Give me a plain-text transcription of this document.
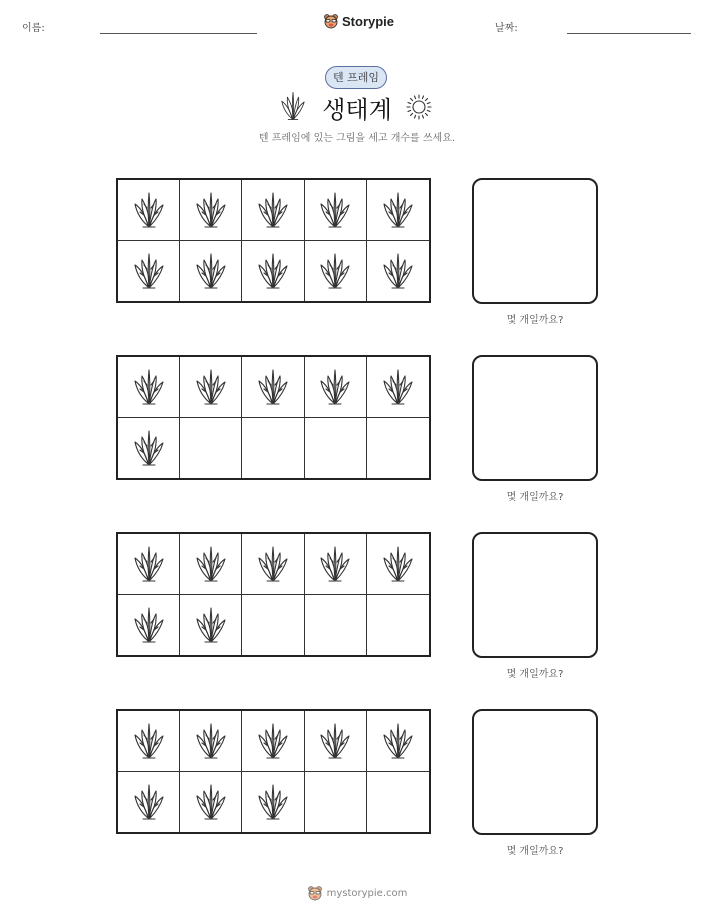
이름:	Storypie	날짜:
텐 프레임
생태계
텐 프레임에 있는 그림을 세고 개수를 쓰세요.
몇 개일까요?
몇 개일까요?
몇 개일까요?
몇 개일까요?
mystorypie.com
